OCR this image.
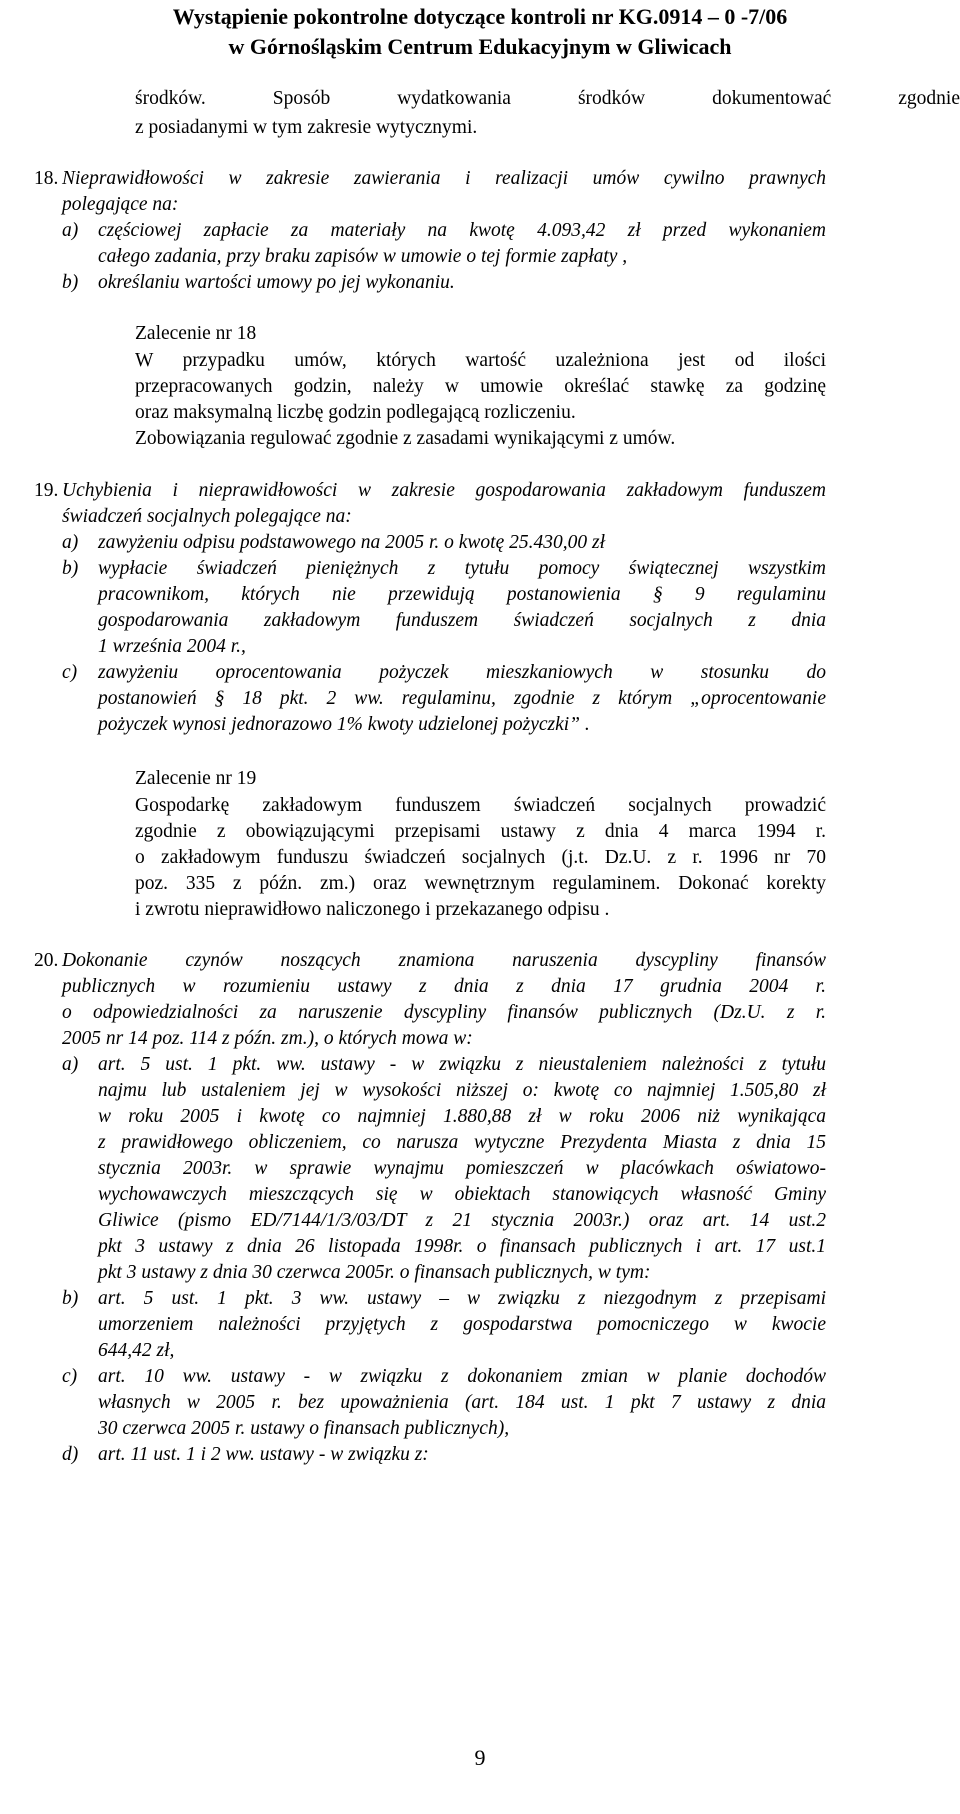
Wystąpienie pokontrolne dotyczące kontroli nr KG.0914 – 0 -7/06
w Górnośląskim Centrum Edukacyjnym w Gliwicach
środków. Sposób wydatkowania środków dokumentować zgodnie
z posiadanymi w tym zakresie wytycznymi.
18. Nieprawidłowości w zakresie zawierania i realizacji umów cywilno prawnych
polegające na:
a) częściowej zapłacie za materiały na kwotę 4.093,42 zł przed wykonaniem
całego zadania, przy braku zapisów w umowie o tej formie zapłaty ,
b) określaniu wartości umowy po jej wykonaniu.
Zalecenie nr 18
W przypadku umów, których wartość uzależniona jest od ilości
przepracowanych godzin, należy w umowie określać stawkę za godzinę
oraz maksymalną liczbę godzin podlegającą rozliczeniu.
Zobowiązania regulować zgodnie z zasadami wynikającymi z umów.
19. Uchybienia i nieprawidłowości w zakresie gospodarowania zakładowym funduszem
świadczeń socjalnych polegające na:
a) zawyżeniu odpisu podstawowego na 2005 r. o kwotę 25.430,00 zł
b) wypłacie świadczeń pieniężnych z tytułu pomocy świątecznej wszystkim
pracownikom, których nie przewidują postanowienia § 9 regulaminu
gospodarowania zakładowym funduszem świadczeń socjalnych z dnia
1 września 2004 r.,
c) zawyżeniu oprocentowania pożyczek mieszkaniowych w stosunku do
postanowień § 18 pkt. 2 ww. regulaminu, zgodnie z którym „oprocentowanie
pożyczek wynosi jednorazowo 1% kwoty udzielonej pożyczki” .
Zalecenie nr 19
Gospodarkę zakładowym funduszem świadczeń socjalnych prowadzić
zgodnie z obowiązującymi przepisami ustawy z dnia 4 marca 1994 r.
o zakładowym funduszu świadczeń socjalnych (j.t. Dz.U. z r. 1996 nr 70
poz. 335 z późn. zm.) oraz wewnętrznym regulaminem. Dokonać korekty
i zwrotu nieprawidłowo naliczonego i przekazanego odpisu .
20. Dokonanie czynów noszących znamiona naruszenia dyscypliny finansów
publicznych w rozumieniu ustawy z dnia z dnia 17 grudnia 2004 r.
o odpowiedzialności za naruszenie dyscypliny finansów publicznych (Dz.U. z r.
2005 nr 14 poz. 114 z późn. zm.), o których mowa w:
a) art. 5 ust. 1 pkt. ww. ustawy - w związku z nieustaleniem należności z tytułu
najmu lub ustaleniem jej w wysokości niższej o: kwotę co najmniej 1.505,80 zł
w roku 2005 i kwotę co najmniej 1.880,88 zł w roku 2006 niż wynikająca
z prawidłowego obliczeniem, co narusza wytyczne Prezydenta Miasta z dnia 15
stycznia 2003r. w sprawie wynajmu pomieszczeń w placówkach oświatowo-
wychowawczych mieszczących się w obiektach stanowiących własność Gminy
Gliwice (pismo ED/7144/1/3/03/DT z 21 stycznia 2003r.) oraz art. 14 ust.2
pkt 3 ustawy z dnia 26 listopada 1998r. o finansach publicznych i art. 17 ust.1
pkt 3 ustawy z dnia 30 czerwca 2005r. o finansach publicznych, w tym:
b) art. 5 ust. 1 pkt. 3 ww. ustawy – w związku z niezgodnym z przepisami
umorzeniem należności przyjętych z gospodarstwa pomocniczego w kwocie
644,42 zł,
c) art. 10 ww. ustawy - w związku z dokonaniem zmian w planie dochodów
własnych w 2005 r. bez upoważnienia (art. 184 ust. 1 pkt 7 ustawy z dnia
30 czerwca 2005 r. ustawy o finansach publicznych),
d) art. 11 ust. 1 i 2 ww. ustawy - w związku z:
9
